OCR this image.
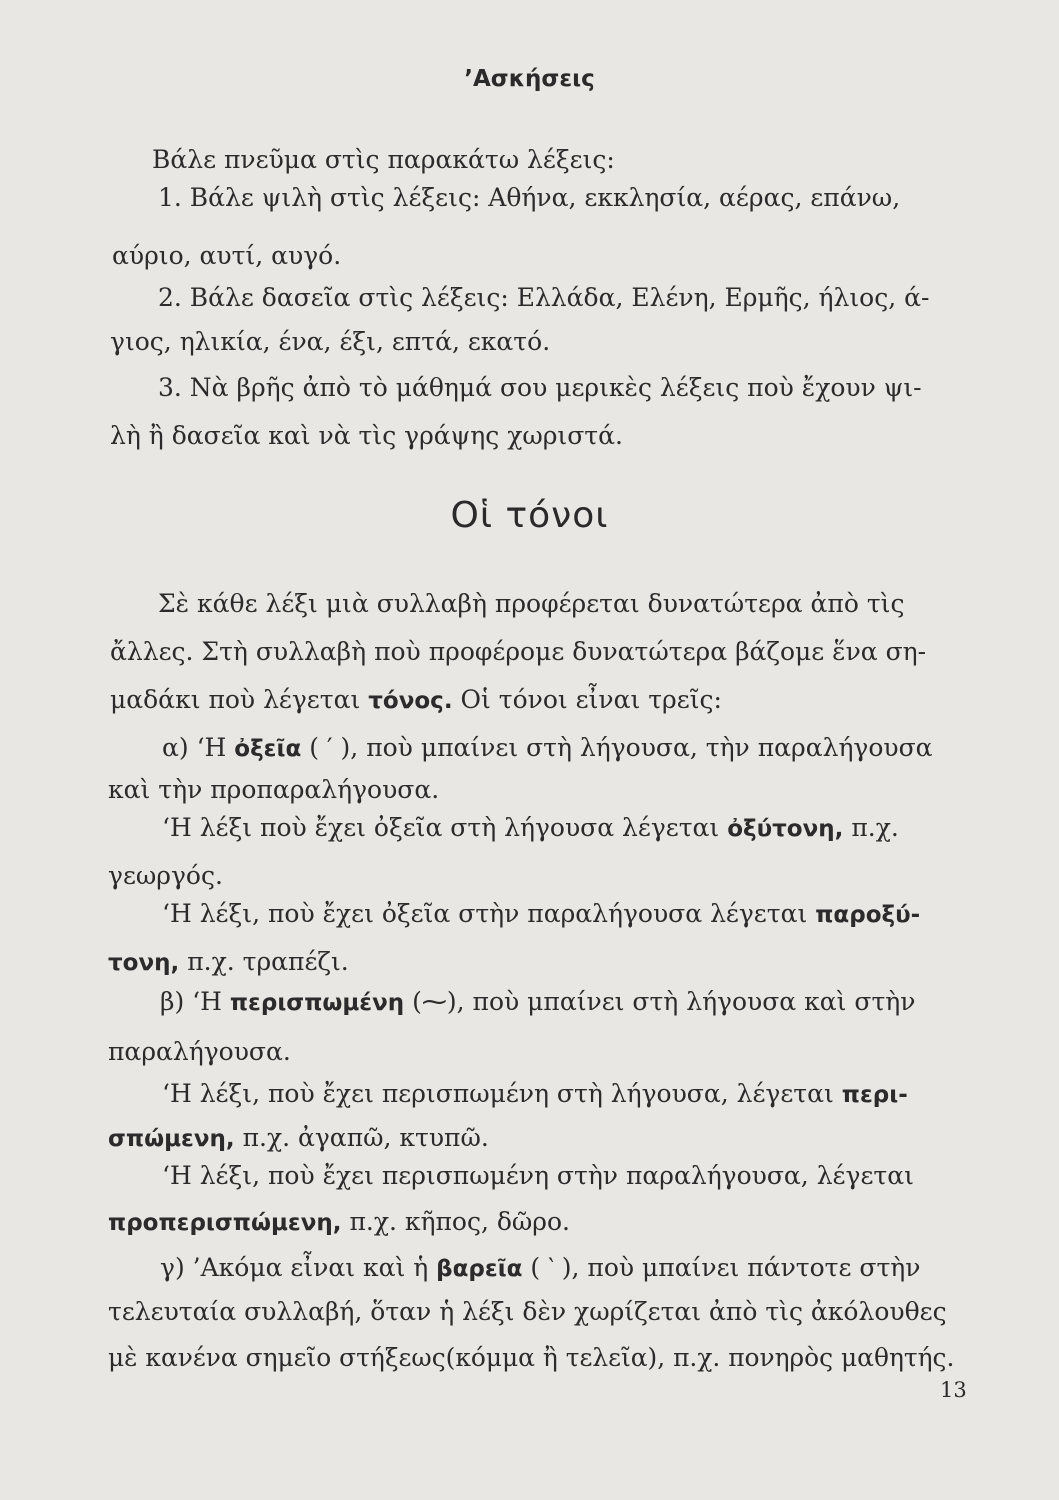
’Ασκήσεις
Βάλε πνεῦμα στὶς παρακάτω λέξεις:
1. Βάλε ψιλὴ στὶς λέξεις: Αθήνα, εκκλησία, αέρας, επάνω,
αύριο, αυτί, αυγό.
2. Βάλε δασεῖα στὶς λέξεις: Ελλάδα, Ελένη, Ερμῆς, ήλιος, ά-
γιος, ηλικία, ένα, έξι, επτά, εκατό.
3. Νὰ βρῆς ἀπὸ τὸ μάθημά σου μερικὲς λέξεις ποὺ ἔχουν ψι-
λὴ ἢ δασεῖα καὶ νὰ τὶς γράψης χωριστά.
Οἱ τόνοι
Σὲ κάθε λέξι μιὰ συλλαβὴ προφέρεται δυνατώτερα ἀπὸ τὶς
ἄλλες. Στὴ συλλαβὴ ποὺ προφέρομε δυνατώτερα βάζομε ἕνα ση-
μαδάκι ποὺ λέγεται τόνος. Οἱ τόνοι εἶναι τρεῖς:
α) ‘Η ὀξεῖα ( ′ ), ποὺ μπαίνει στὴ λήγουσα, τὴν παραλήγουσα
καὶ τὴν προπαραλήγουσα.
‘Η λέξι ποὺ ἔχει ὀξεῖα στὴ λήγουσα λέγεται ὀξύτονη, π.χ.
γεωργός.
‘Η λέξι, ποὺ ἔχει ὀξεῖα στὴν παραλήγουσα λέγεται παροξύ-
τονη, π.χ. τραπέζι.
β) ‘Η περισπωμένη (⁓), ποὺ μπαίνει στὴ λήγουσα καὶ στὴν
παραλήγουσα.
‘Η λέξι, ποὺ ἔχει περισπωμένη στὴ λήγουσα, λέγεται περι-
σπώμενη, π.χ. ἀγαπῶ, κτυπῶ.
‘Η λέξι, ποὺ ἔχει περισπωμένη στὴν παραλήγουσα, λέγεται
προπερισπώμενη, π.χ. κῆπος, δῶρο.
γ) ’Ακόμα εἶναι καὶ ἡ βαρεῖα ( ‵ ), ποὺ μπαίνει πάντοτε στὴν
τελευταία συλλαβή, ὅταν ἡ λέξι δὲν χωρίζεται ἀπὸ τὶς ἀκόλουθες
μὲ κανένα σημεῖο στήξεως(κόμμα ἢ τελεῖα), π.χ. πονηρὸς μαθητής.
13
